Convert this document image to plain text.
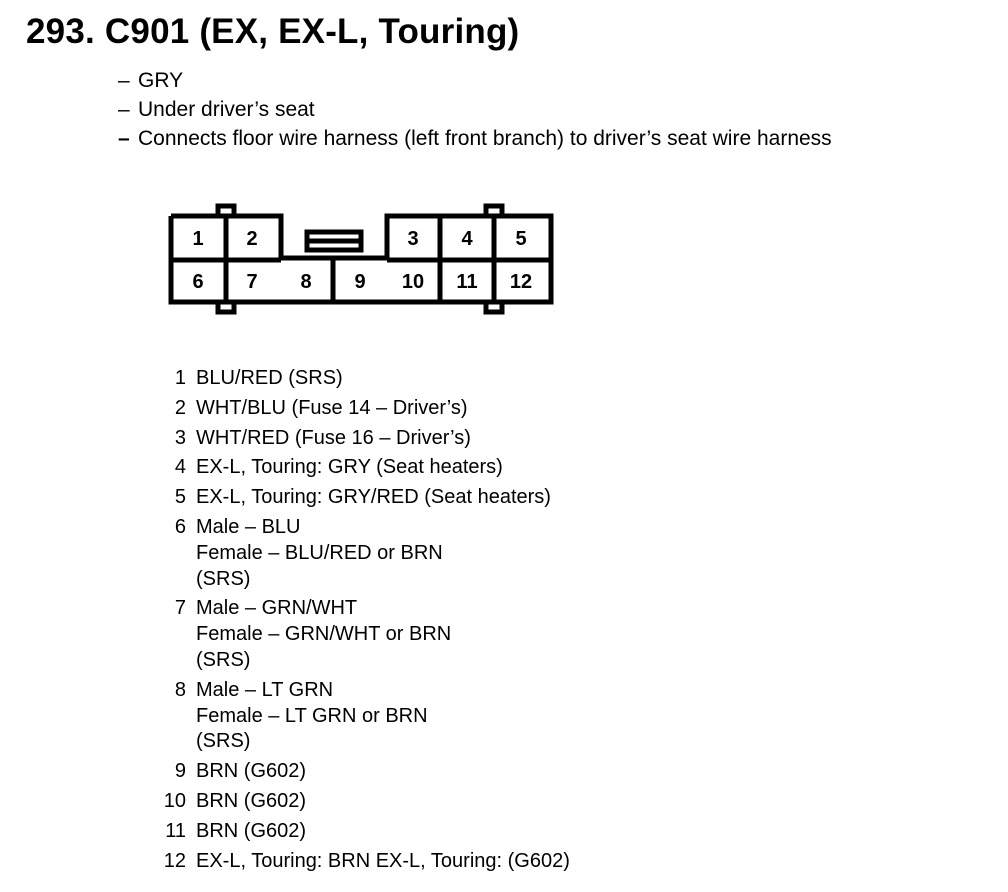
293. C901 (EX, EX-L, Touring)
– GRY
– Under driver’s seat
– Connects floor wire harness (left front branch) to driver’s seat wire harness
1 2	3 4 5
6 7 8 9 10 11 12
1 BLU/RED (SRS)
2 WHT/BLU (Fuse 14 – Driver’s)
3 WHT/RED (Fuse 16 – Driver’s)
4 EX-L, Touring: GRY (Seat heaters)
5 EX-L, Touring: GRY/RED (Seat heaters)
6 Male – BLU
Female – BLU/RED or BRN
(SRS)
7 Male – GRN/WHT
Female – GRN/WHT or BRN
(SRS)
8 Male – LT GRN
Female – LT GRN or BRN
(SRS)
9 BRN (G602)
10 BRN (G602)
11 BRN (G602)
12 EX-L, Touring: BRN EX-L, Touring: (G602)
